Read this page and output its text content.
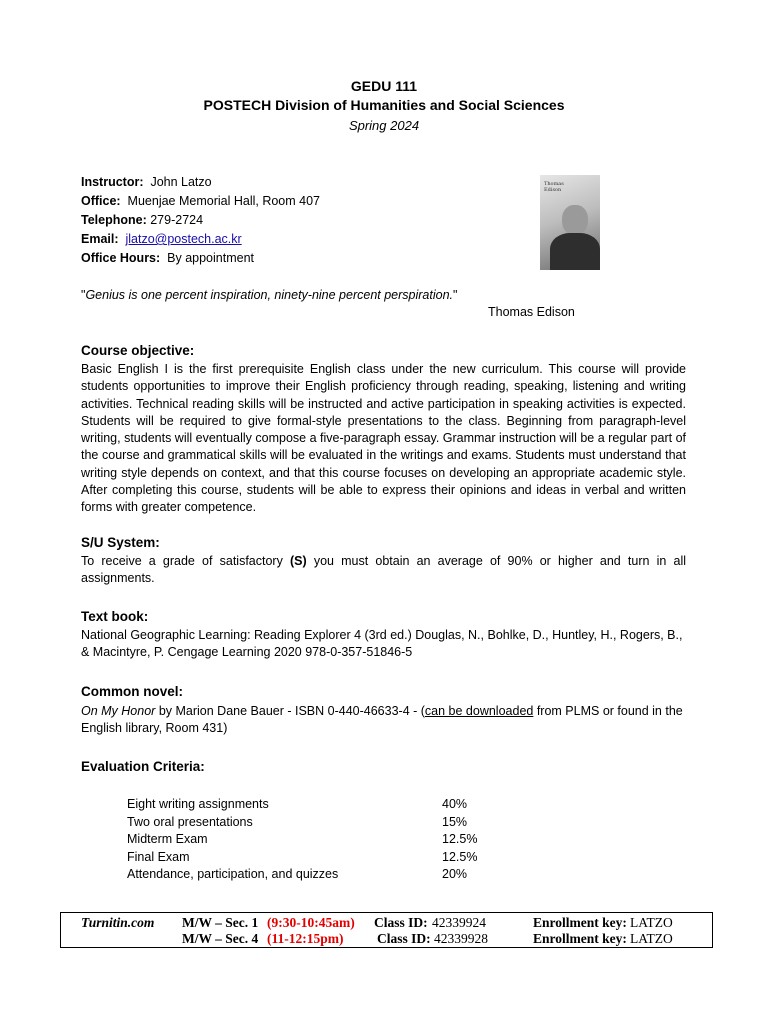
GEDU 111
POSTECH Division of Humanities and Social Sciences
Spring 2024
Instructor: John Latzo
Office: Muenjae Memorial Hall, Room 407
Telephone: 279-2724
Email: jlatzo@postech.ac.kr
Office Hours: By appointment
Thomas Edison
"Genius is one percent inspiration, ninety-nine percent perspiration."
Thomas Edison
Course objective:
Basic English I is the first prerequisite English class under the new curriculum. This course will provide students opportunities to improve their English proficiency through reading, speaking, listening and writing activities. Technical reading skills will be instructed and active participation in speaking activities is expected. Students will be required to give formal-style presentations to the class. Beginning from paragraph-level writing, students will eventually compose a five-paragraph essay. Grammar instruction will be a regular part of the course and grammatical skills will be evaluated in the writings and exams. Students must understand that writing style depends on context, and that this course focuses on developing an appropriate academic style. After completing this course, students will be able to express their opinions and ideas in verbal and written forms with greater competence.
S/U System:
To receive a grade of satisfactory (S) you must obtain an average of 90% or higher and turn in all assignments.
Text book:
National Geographic Learning: Reading Explorer 4 (3rd ed.) Douglas, N., Bohlke, D., Huntley, H., Rogers, B., & Macintyre, P. Cengage Learning 2020 978-0-357-51846-5
Common novel:
On My Honor by Marion Dane Bauer - ISBN 0-440-46633-4 - (can be downloaded from PLMS or found in the English library, Room 431)
Evaluation Criteria:
Eight writing assignments	40%
Two oral presentations	15%
Midterm Exam	12.5%
Final Exam	12.5%
Attendance, participation, and quizzes	20%
Turnitin.com M/W – Sec. 1 (9:30-10:45am) Class ID: 42339924	Enrollment key: LATZO
M/W – Sec. 4 (11-12:15pm) Class ID: 42339928	Enrollment key: LATZO
